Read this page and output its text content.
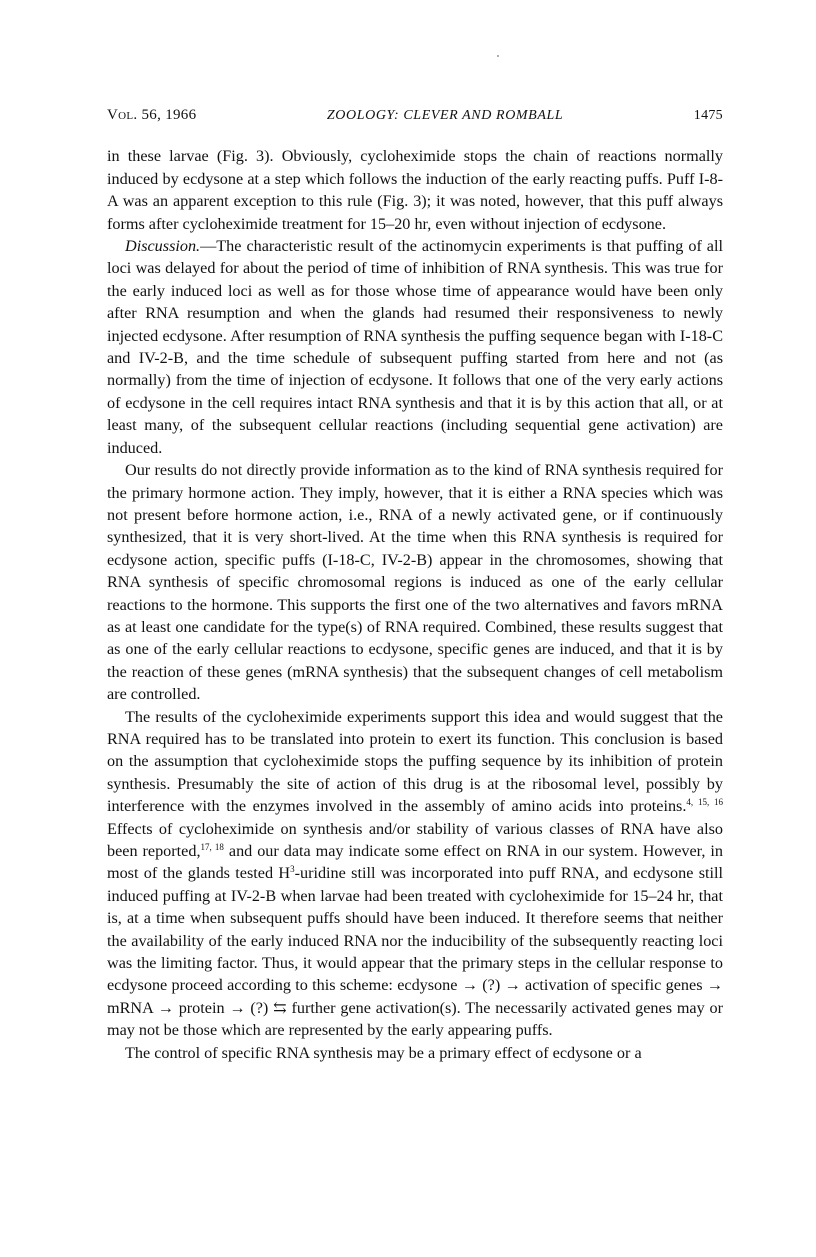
Vol. 56, 1966	ZOOLOGY: CLEVER AND ROMBALL	1475

in these larvae (Fig. 3). Obviously, cycloheximide stops the chain of reactions normally induced by ecdysone at a step which follows the induction of the early reacting puffs. Puff I-8-A was an apparent exception to this rule (Fig. 3); it was noted, however, that this puff always forms after cycloheximide treatment for 15–20 hr, even without injection of ecdysone.

Discussion.—The characteristic result of the actinomycin experiments is that puffing of all loci was delayed for about the period of time of inhibition of RNA synthesis. This was true for the early induced loci as well as for those whose time of appearance would have been only after RNA resumption and when the glands had resumed their responsiveness to newly injected ecdysone. After resumption of RNA synthesis the puffing sequence began with I-18-C and IV-2-B, and the time schedule of subsequent puffing started from here and not (as normally) from the time of injection of ecdysone. It follows that one of the very early actions of ecdysone in the cell requires intact RNA synthesis and that it is by this action that all, or at least many, of the subsequent cellular reactions (including sequential gene activation) are induced.

Our results do not directly provide information as to the kind of RNA synthesis required for the primary hormone action. They imply, however, that it is either a RNA species which was not present before hormone action, i.e., RNA of a newly activated gene, or if continuously synthesized, that it is very short-lived. At the time when this RNA synthesis is required for ecdysone action, specific puffs (I-18-C, IV-2-B) appear in the chromosomes, showing that RNA synthesis of specific chromosomal regions is induced as one of the early cellular reactions to the hormone. This supports the first one of the two alternatives and favors mRNA as at least one candidate for the type(s) of RNA required. Combined, these results suggest that as one of the early cellular reactions to ecdysone, specific genes are induced, and that it is by the reaction of these genes (mRNA synthesis) that the subsequent changes of cell metabolism are controlled.

The results of the cycloheximide experiments support this idea and would suggest that the RNA required has to be translated into protein to exert its function. This conclusion is based on the assumption that cycloheximide stops the puffing sequence by its inhibition of protein synthesis. Presumably the site of action of this drug is at the ribosomal level, possibly by interference with the enzymes involved in the assembly of amino acids into proteins.$^{4, 15, 16}$ Effects of cycloheximide on synthesis and/or stability of various classes of RNA have also been reported,$^{17, 18}$ and our data may indicate some effect on RNA in our system. However, in most of the glands tested $H^3$-uridine still was incorporated into puff RNA, and ecdysone still induced puffing at IV-2-B when larvae had been treated with cycloheximide for 15–24 hr, that is, at a time when subsequent puffs should have been induced. It therefore seems that neither the availability of the early induced RNA nor the inducibility of the subsequently reacting loci was the limiting factor. Thus, it would appear that the primary steps in the cellular response to ecdysone proceed according to this scheme: ecdysone → (?) → activation of specific genes → mRNA → protein → (?) ⇆ further gene activation(s). The necessarily activated genes may or may not be those which are represented by the early appearing puffs.

The control of specific RNA synthesis may be a primary effect of ecdysone or a
